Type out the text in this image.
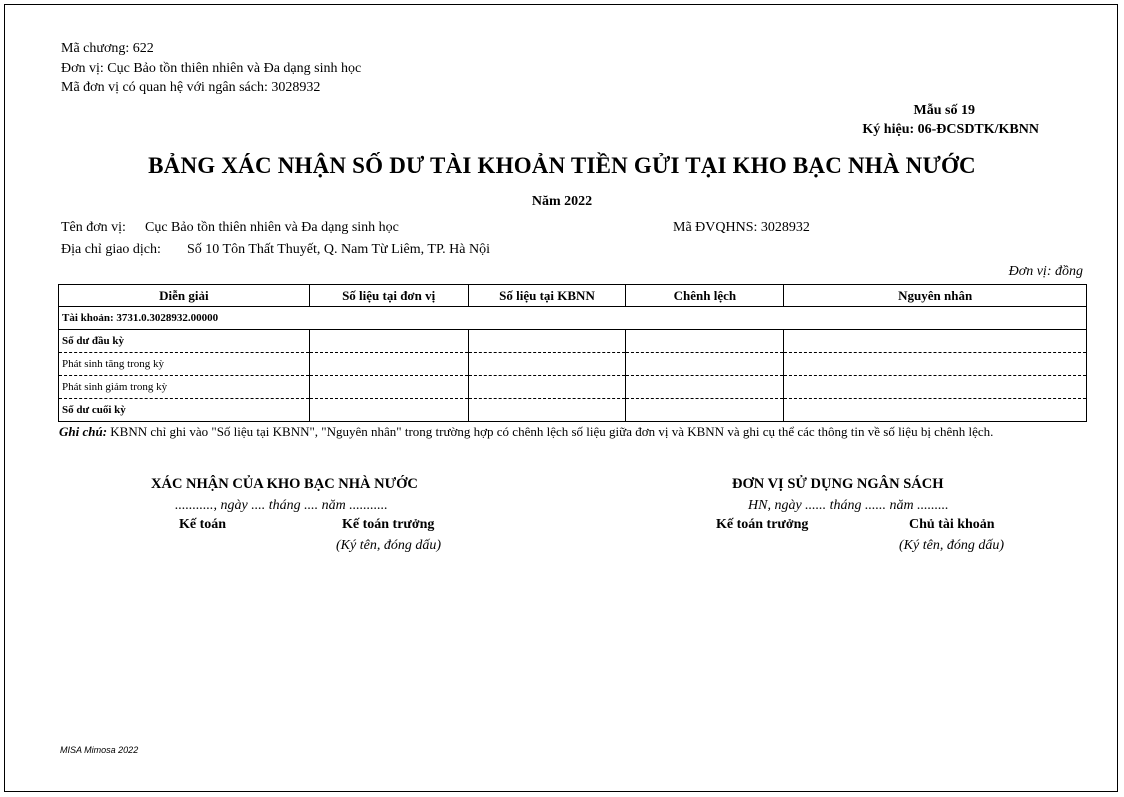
Mã chương: 622
Đơn vị: Cục Bảo tồn thiên nhiên và Đa dạng sinh học
Mã đơn vị có quan hệ với ngân sách: 3028932
Mẫu số 19
Ký hiệu: 06-ĐCSDTK/KBNN
BẢNG XÁC NHẬN SỐ DƯ TÀI KHOẢN TIỀN GỬI TẠI KHO BẠC NHÀ NƯỚC
Năm 2022
Tên đơn vị: Cục Bảo tồn thiên nhiên và Đa dạng sinh học	Mã ĐVQHNS: 3028932
Địa chỉ giao dịch: Số 10 Tôn Thất Thuyết, Q. Nam Từ Liêm, TP. Hà Nội
Đơn vị: đồng
Diễn giải	Số liệu tại đơn vị	Số liệu tại KBNN	Chênh lệch	Nguyên nhân
Tài khoản: 3731.0.3028932.00000				
Số dư đầu kỳ				
Phát sinh tăng trong kỳ				
Phát sinh giảm trong kỳ				
Số dư cuối kỳ				
Ghi chú: KBNN chỉ ghi vào "Số liệu tại KBNN", "Nguyên nhân" trong trường hợp có chênh lệch số liệu giữa đơn vị và KBNN và ghi cụ thể các thông tin về số liệu bị chênh lệch.
XÁC NHẬN CỦA KHO BẠC NHÀ NƯỚC
..........., ngày .... tháng .... năm ...........
Kế toán	Kế toán trưởng
(Ký tên, đóng dấu)
ĐƠN VỊ SỬ DỤNG NGÂN SÁCH
HN, ngày ...... tháng ...... năm .........
Kế toán trưởng	Chủ tài khoản
(Ký tên, đóng dấu)
MISA Mimosa 2022
